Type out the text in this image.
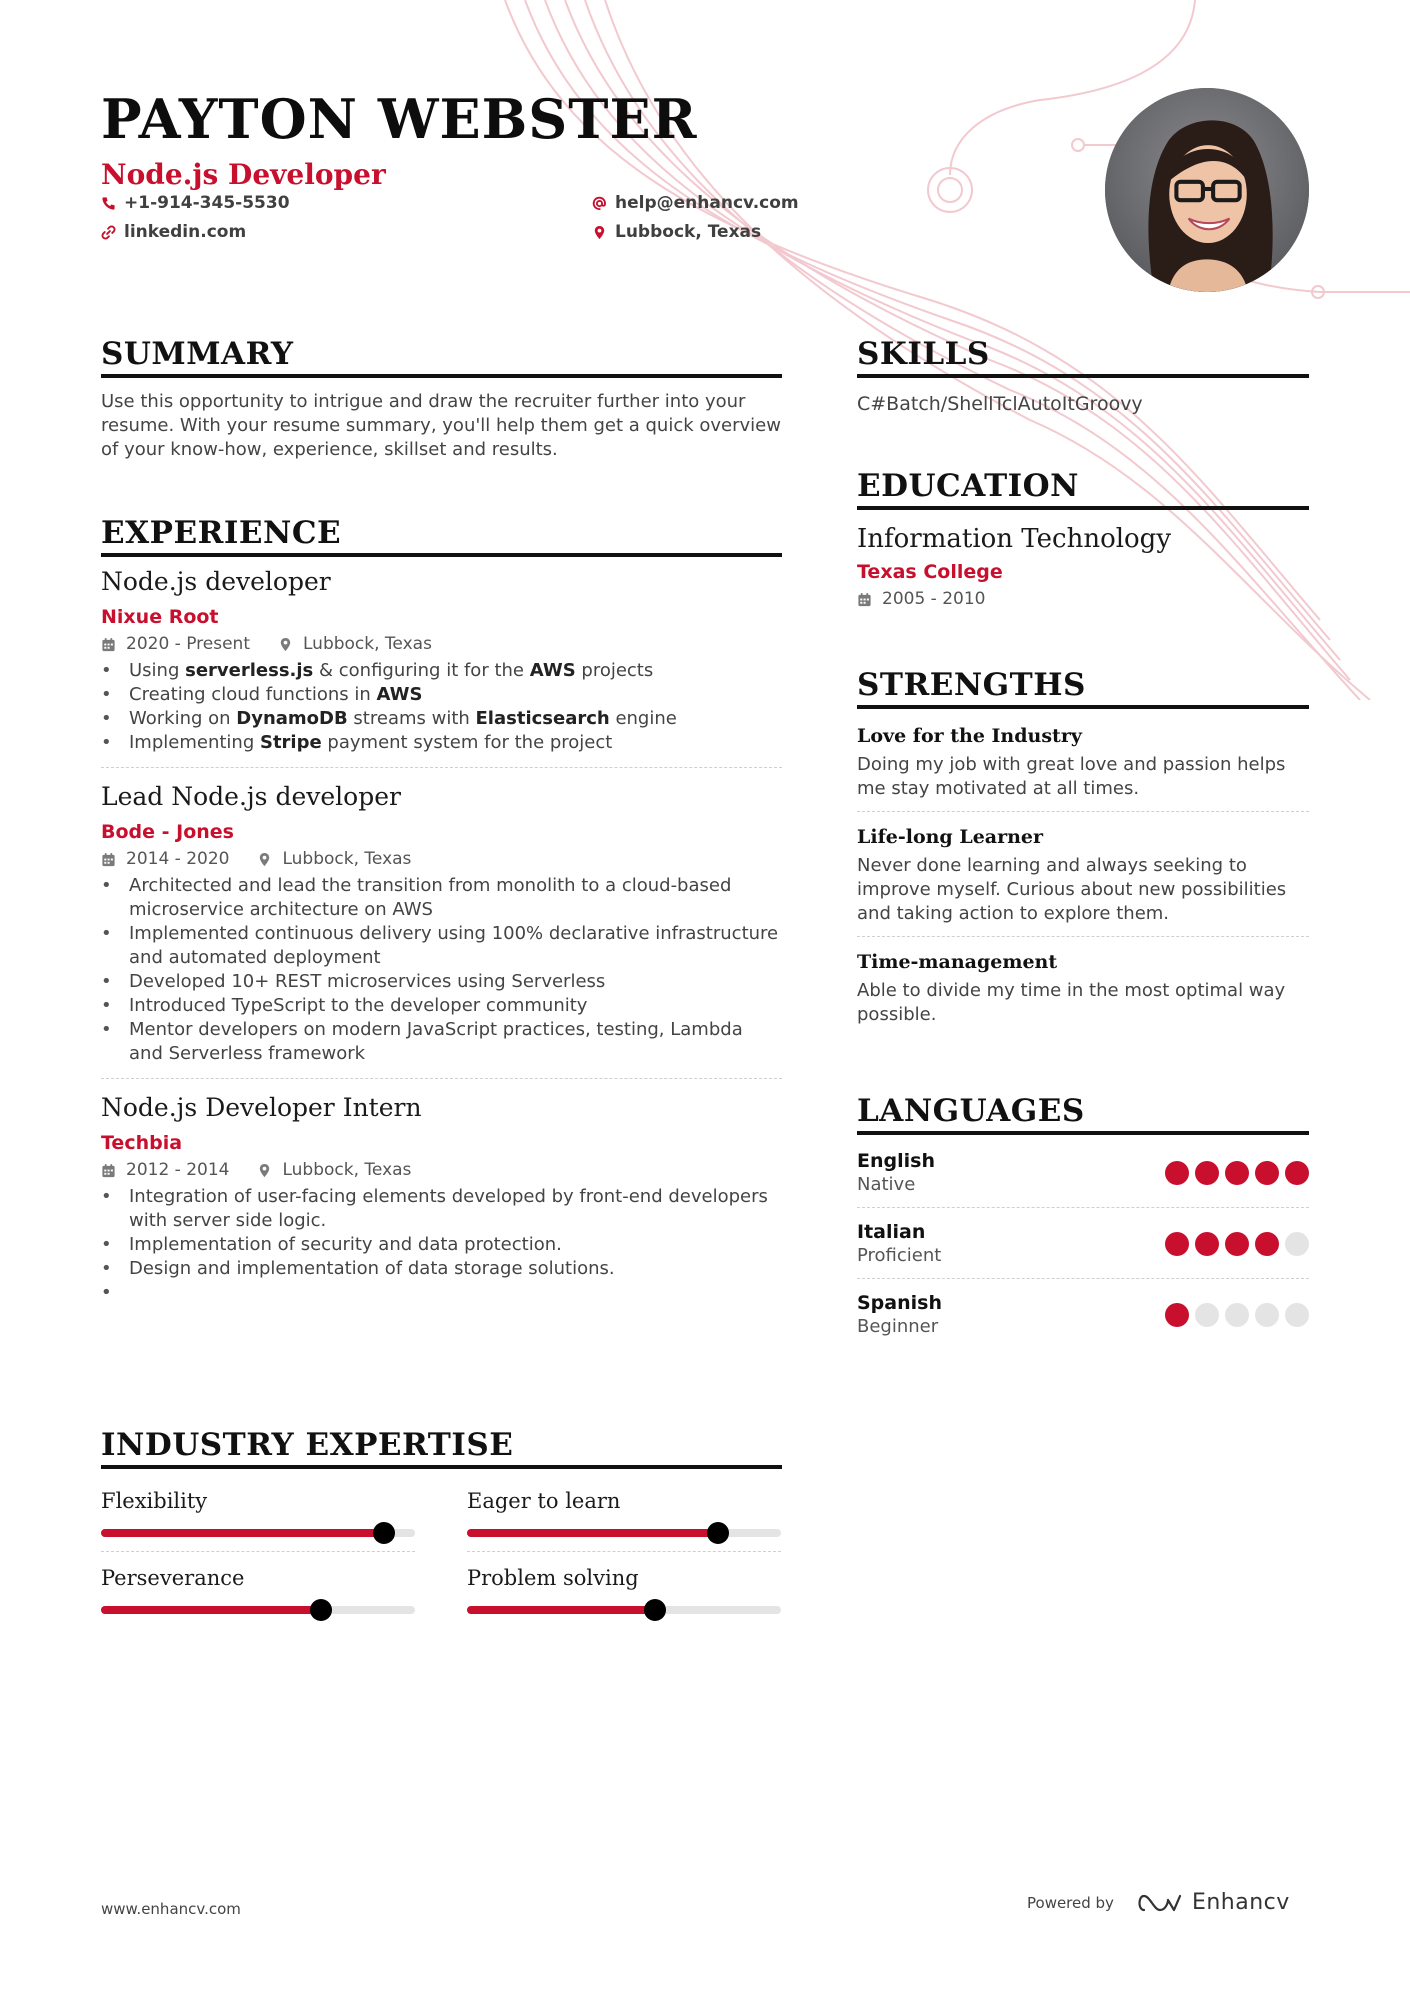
PAYTON WEBSTER
Node.js Developer
+1-914-345-5530
linkedin.com
help@enhancv.com
Lubbock, Texas
SUMMARY

Use this opportunity to intrigue and draw the recruiter further into your resume. With your resume summary, you'll help them get a quick overview of your know-how, experience, skillset and results.

EXPERIENCE
Node.js developer
Nixue Root
2020 - Present	Lubbock, Texas
• Using serverless.js & configuring it for the AWS projects
• Creating cloud functions in AWS
• Working on DynamoDB streams with Elasticsearch engine
• Implementing Stripe payment system for the project
Lead Node.js developer
Bode - Jones
2014 - 2020	Lubbock, Texas
• Architected and lead the transition from monolith to a cloud-based microservice architecture on AWS
• Implemented continuous delivery using 100% declarative infrastructure and automated deployment
• Developed 10+ REST microservices using Serverless
• Introduced TypeScript to the developer community
• Mentor developers on modern JavaScript practices, testing, Lambda and Serverless framework
Node.js Developer Intern
Techbia
2012 - 2014	Lubbock, Texas
• Integration of user-facing elements developed by front-end developers with server side logic.
• Implementation of security and data protection.
• Design and implementation of data storage solutions.
INDUSTRY EXPERTISE
Flexibility	Eager to learn
Perseverance	Problem solving
SKILLS
C#Batch/ShellTclAutoItGroovy
EDUCATION
Information Technology
Texas College
2005 - 2010
STRENGTHS
Love for the Industry
Doing my job with great love and passion helps me stay motivated at all times.
Life-long Learner
Never done learning and always seeking to improve myself. Curious about new possibilities and taking action to explore them.
Time-management
Able to divide my time in the most optimal way possible.
LANGUAGES
English
Native
Italian
Proficient
Spanish
Beginner
www.enhancv.com	Powered by	Enhancv
